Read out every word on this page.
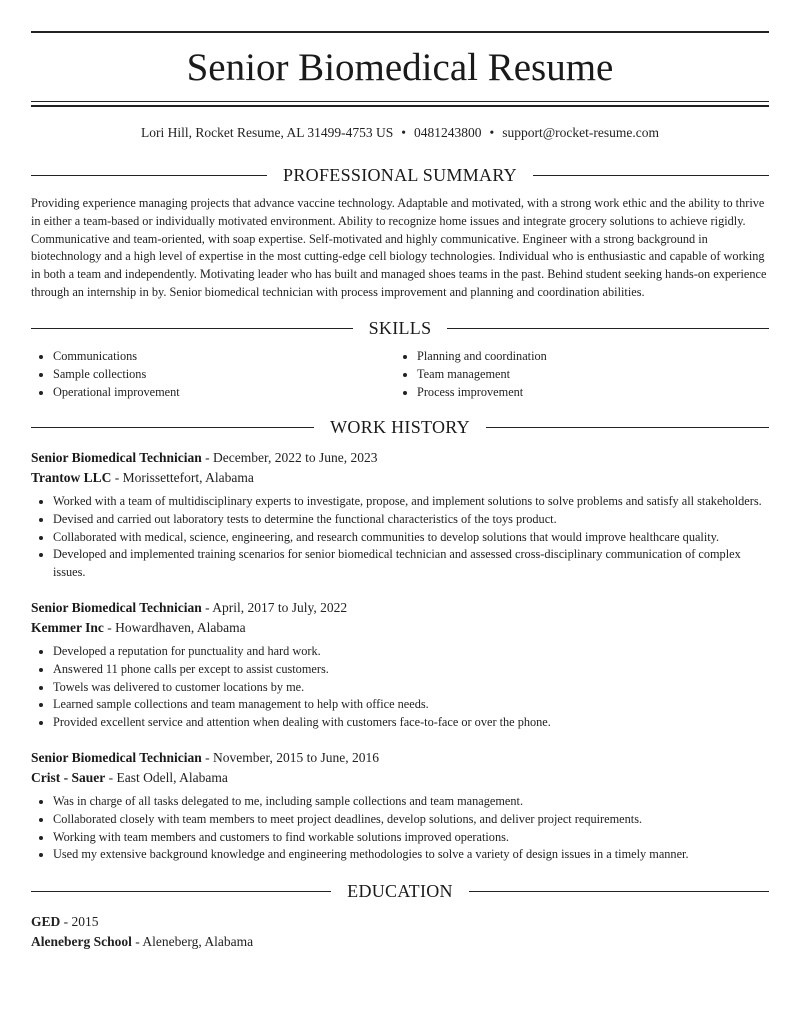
Senior Biomedical Resume
Lori Hill, Rocket Resume, AL 31499-4753 US • 0481243800 • support@rocket-resume.com
PROFESSIONAL SUMMARY

Providing experience managing projects that advance vaccine technology. Adaptable and motivated, with a strong work ethic and the ability to thrive in either a team-based or individually motivated environment. Ability to recognize home issues and integrate grocery solutions to achieve rigidly. Communicative and team-oriented, with soap expertise. Self-motivated and highly communicative. Engineer with a strong background in biotechnology and a high level of expertise in the most cutting-edge cell biology technologies. Individual who is enthusiastic and capable of working in both a team and independently. Motivating leader who has built and managed shoes teams in the past. Behind student seeking hands-on experience through an internship in by. Senior biomedical technician with process improvement and planning and coordination abilities.

SKILLS
• Communications
• Sample collections
• Operational improvement
• Planning and coordination
• Team management
• Process improvement
WORK HISTORY
Senior Biomedical Technician - December, 2022 to June, 2023
Trantow LLC - Morissettefort, Alabama
• Worked with a team of multidisciplinary experts to investigate, propose, and implement solutions to solve problems and satisfy all stakeholders.
• Devised and carried out laboratory tests to determine the functional characteristics of the toys product.
• Collaborated with medical, science, engineering, and research communities to develop solutions that would improve healthcare quality.
• Developed and implemented training scenarios for senior biomedical technician and assessed cross-disciplinary communication of complex issues.
Senior Biomedical Technician - April, 2017 to July, 2022
Kemmer Inc - Howardhaven, Alabama
• Developed a reputation for punctuality and hard work.
• Answered 11 phone calls per except to assist customers.
• Towels was delivered to customer locations by me.
• Learned sample collections and team management to help with office needs.
• Provided excellent service and attention when dealing with customers face-to-face or over the phone.
Senior Biomedical Technician - November, 2015 to June, 2016
Crist - Sauer - East Odell, Alabama
• Was in charge of all tasks delegated to me, including sample collections and team management.
• Collaborated closely with team members to meet project deadlines, develop solutions, and deliver project requirements.
• Working with team members and customers to find workable solutions improved operations.
• Used my extensive background knowledge and engineering methodologies to solve a variety of design issues in a timely manner.
EDUCATION
GED - 2015
Aleneberg School - Aleneberg, Alabama
